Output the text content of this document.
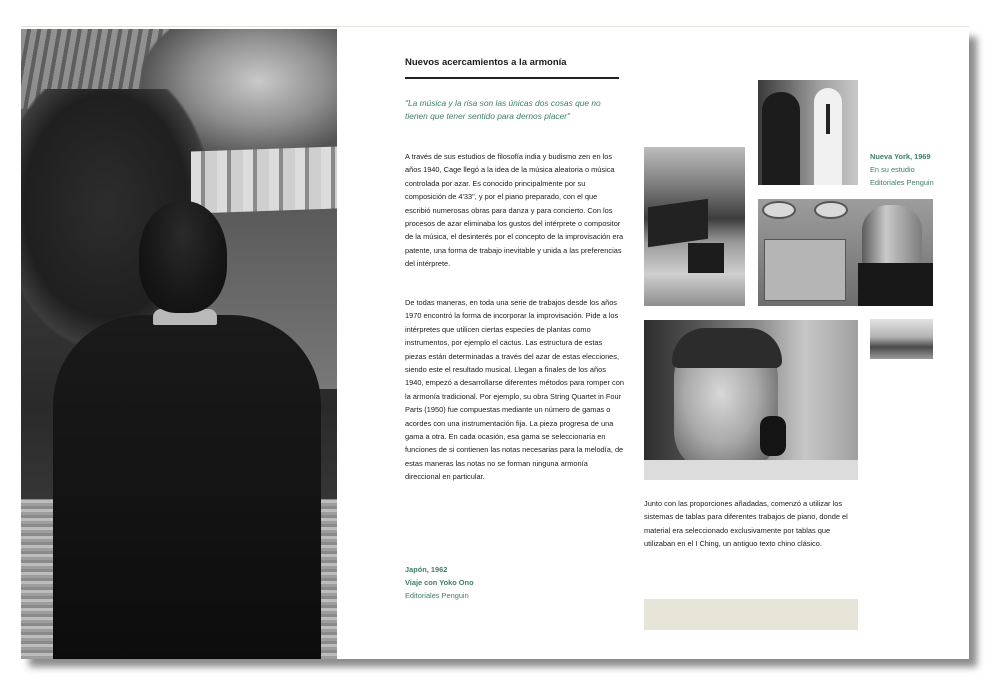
Nuevos acercamientos a la armonía
"La música y la risa son las únicas dos cosas que no tienen que tener sentido para dernos placer"

A través de sus estudios de filosofía india y budismo zen en los años 1940, Cage llegó a la idea de la música aleatoria o música controlada por azar. Es conocido principalmente por su composición de 4'33", y por el piano preparado, con el que escribió numerosas obras para danza y para concierto. Con los procesos de azar eliminaba los gustos del intérprete o compositor de la música, el desinterés por el concepto de la improvisación era patente, una forma de trabajo inevitable y unida a las preferencias del intérprete.

De todas maneras, en toda una serie de trabajos desde los años 1970 encontró la forma de incorporar la improvisación. Pide a los intérpretes que utilicen ciertas especies de plantas como instrumentos, por ejemplo el cactus. Las estructura de estas piezas están determinadas a través del azar de estas elecciones, siendo este el resultado musical. Llegan a finales de los años 1940, empezó a desarrollarse diferentes métodos para romper con la armonía tradicional. Por ejemplo, su obra String Quartet in Four Parts (1950) fue compuestas mediante un número de gamas o acordes con una instrumentación fija. La pieza progresa de una gama a otra. En cada ocasión, esa gama se seleccionaría en funciones de si contienen las notas necesarias para la melodía, de estas maneras las notas no se forman ninguna armonía direccional en particular.

Japón, 1962
Viaje con Yoko Ono
Editoriales Penguin
Nueva York, 1969
En su estudio
Editoriales Penguin

Junto con las proporciones añadadas, comenzó a utilizar los sistemas de tablas para diferentes trabajos de piano, donde el material era seleccionado exclusivamente por tablas que utilizaban en el I Ching, un antiguo texto chino clásico.
